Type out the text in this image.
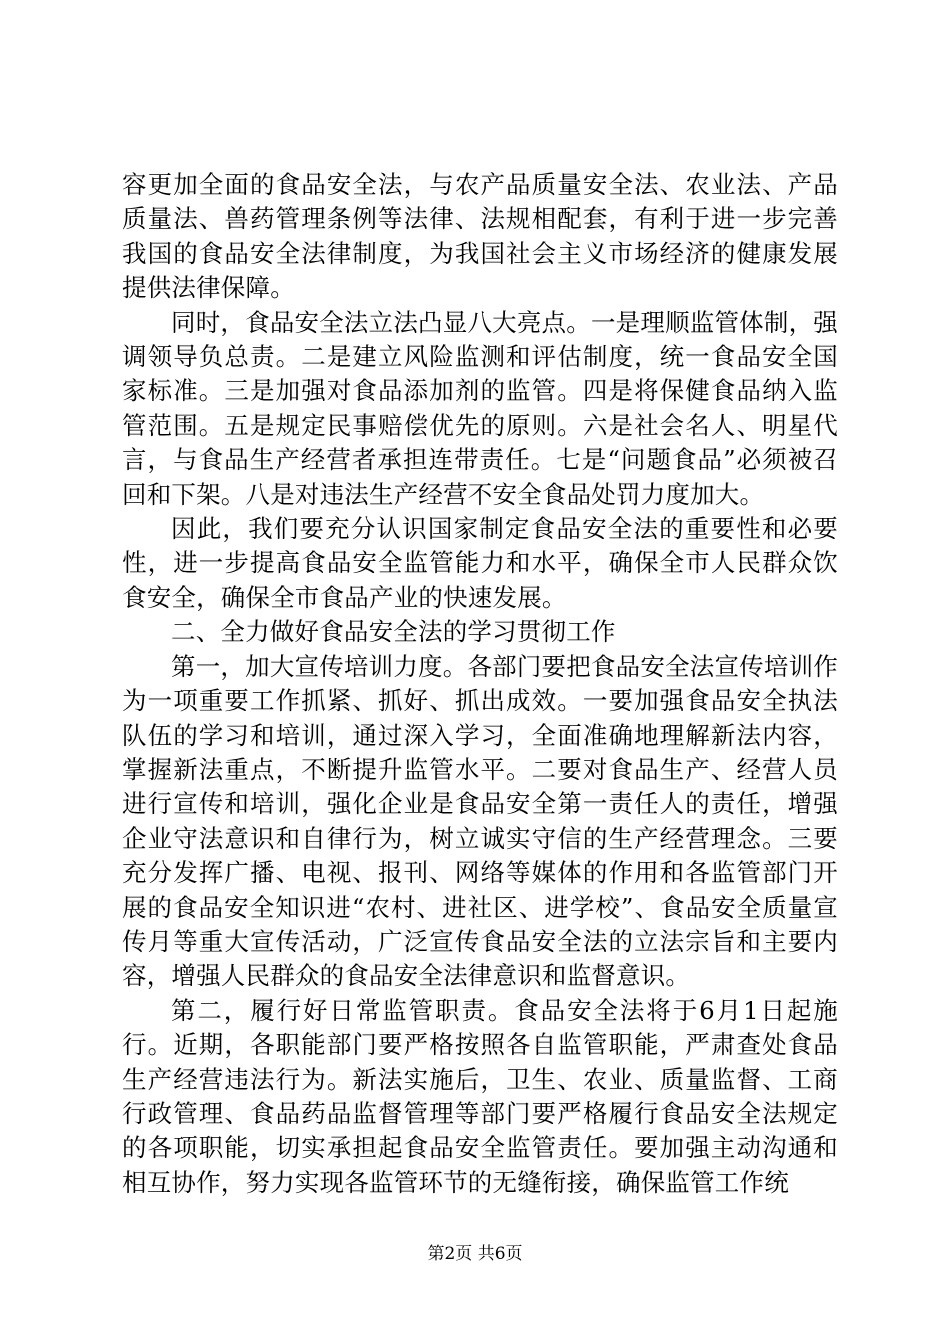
容更加全面的食品安全法，与农产品质量安全法、农业法、产品质量法、兽药管理条例等法律、法规相配套，有利于进一步完善我国的食品安全法律制度，为我国社会主义市场经济的健康发展提供法律保障。

同时，食品安全法立法凸显八大亮点。一是理顺监管体制，强调领导负总责。二是建立风险监测和评估制度，统一食品安全国家标准。三是加强对食品添加剂的监管。四是将保健食品纳入监管范围。五是规定民事赔偿优先的原则。六是社会名人、明星代言，与食品生产经营者承担连带责任。七是“问题食品”必须被召回和下架。八是对违法生产经营不安全食品处罚力度加大。

因此，我们要充分认识国家制定食品安全法的重要性和必要性，进一步提高食品安全监管能力和水平，确保全市人民群众饮食安全，确保全市食品产业的快速发展。

二、全力做好食品安全法的学习贯彻工作

第一，加大宣传培训力度。各部门要把食品安全法宣传培训作为一项重要工作抓紧、抓好、抓出成效。一要加强食品安全执法队伍的学习和培训，通过深入学习，全面准确地理解新法内容，掌握新法重点，不断提升监管水平。二要对食品生产、经营人员进行宣传和培训，强化企业是食品安全第一责任人的责任，增强企业守法意识和自律行为，树立诚实守信的生产经营理念。三要充分发挥广播、电视、报刊、网络等媒体的作用和各监管部门开展的食品安全知识进“农村、进社区、进学校”、食品安全质量宣传月等重大宣传活动，广泛宣传食品安全法的立法宗旨和主要内容，增强人民群众的食品安全法律意识和监督意识。

第二，履行好日常监管职责。食品安全法将于6月1日起施行。近期，各职能部门要严格按照各自监管职能，严肃查处食品生产经营违法行为。新法实施后，卫生、农业、质量监督、工商行政管理、食品药品监督管理等部门要严格履行食品安全法规定的各项职能，切实承担起食品安全监管责任。要加强主动沟通和相互协作，努力实现各监管环节的无缝衔接，确保监管工作统

第2页 共6页
